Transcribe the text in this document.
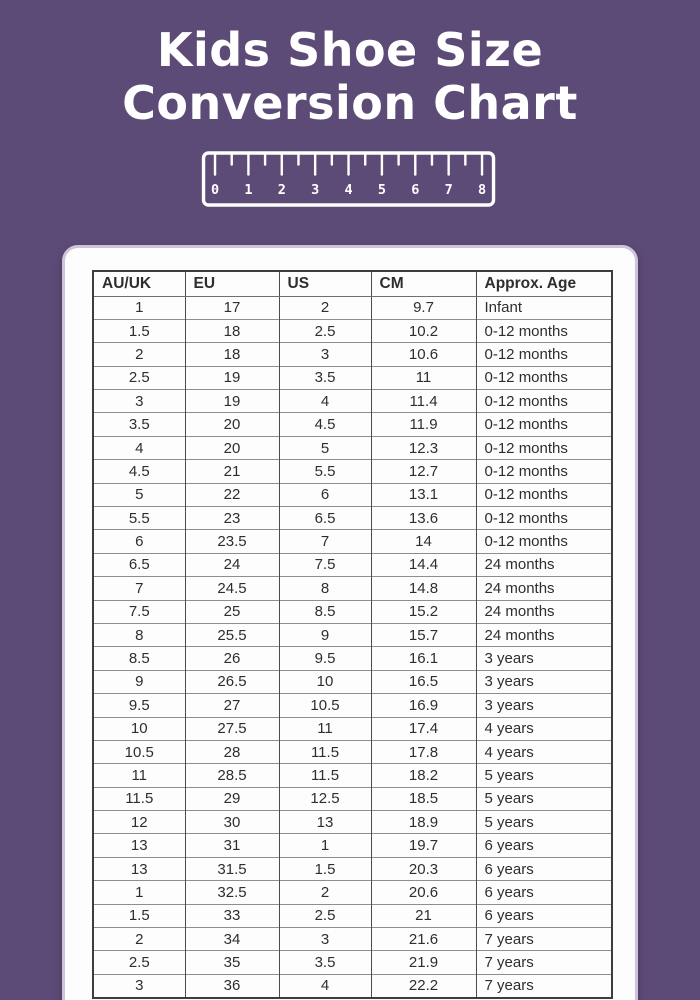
Kids Shoe Size
Conversion Chart
0 1 2 3 4 5 6 7 8
AU/UK	EU	US	CM	Approx. Age
1	17	2	9.7	Infant
1.5	18	2.5	10.2	0-12 months
2	18	3	10.6	0-12 months
2.5	19	3.5	11	0-12 months
3	19	4	11.4	0-12 months
3.5	20	4.5	11.9	0-12 months
4	20	5	12.3	0-12 months
4.5	21	5.5	12.7	0-12 months
5	22	6	13.1	0-12 months
5.5	23	6.5	13.6	0-12 months
6	23.5	7	14	0-12 months
6.5	24	7.5	14.4	24 months
7	24.5	8	14.8	24 months
7.5	25	8.5	15.2	24 months
8	25.5	9	15.7	24 months
8.5	26	9.5	16.1	3 years
9	26.5	10	16.5	3 years
9.5	27	10.5	16.9	3 years
10	27.5	11	17.4	4 years
10.5	28	11.5	17.8	4 years
11	28.5	11.5	18.2	5 years
11.5	29	12.5	18.5	5 years
12	30	13	18.9	5 years
13	31	1	19.7	6 years
13	31.5	1.5	20.3	6 years
1	32.5	2	20.6	6 years
1.5	33	2.5	21	6 years
2	34	3	21.6	7 years
2.5	35	3.5	21.9	7 years
3	36	4	22.2	7 years
